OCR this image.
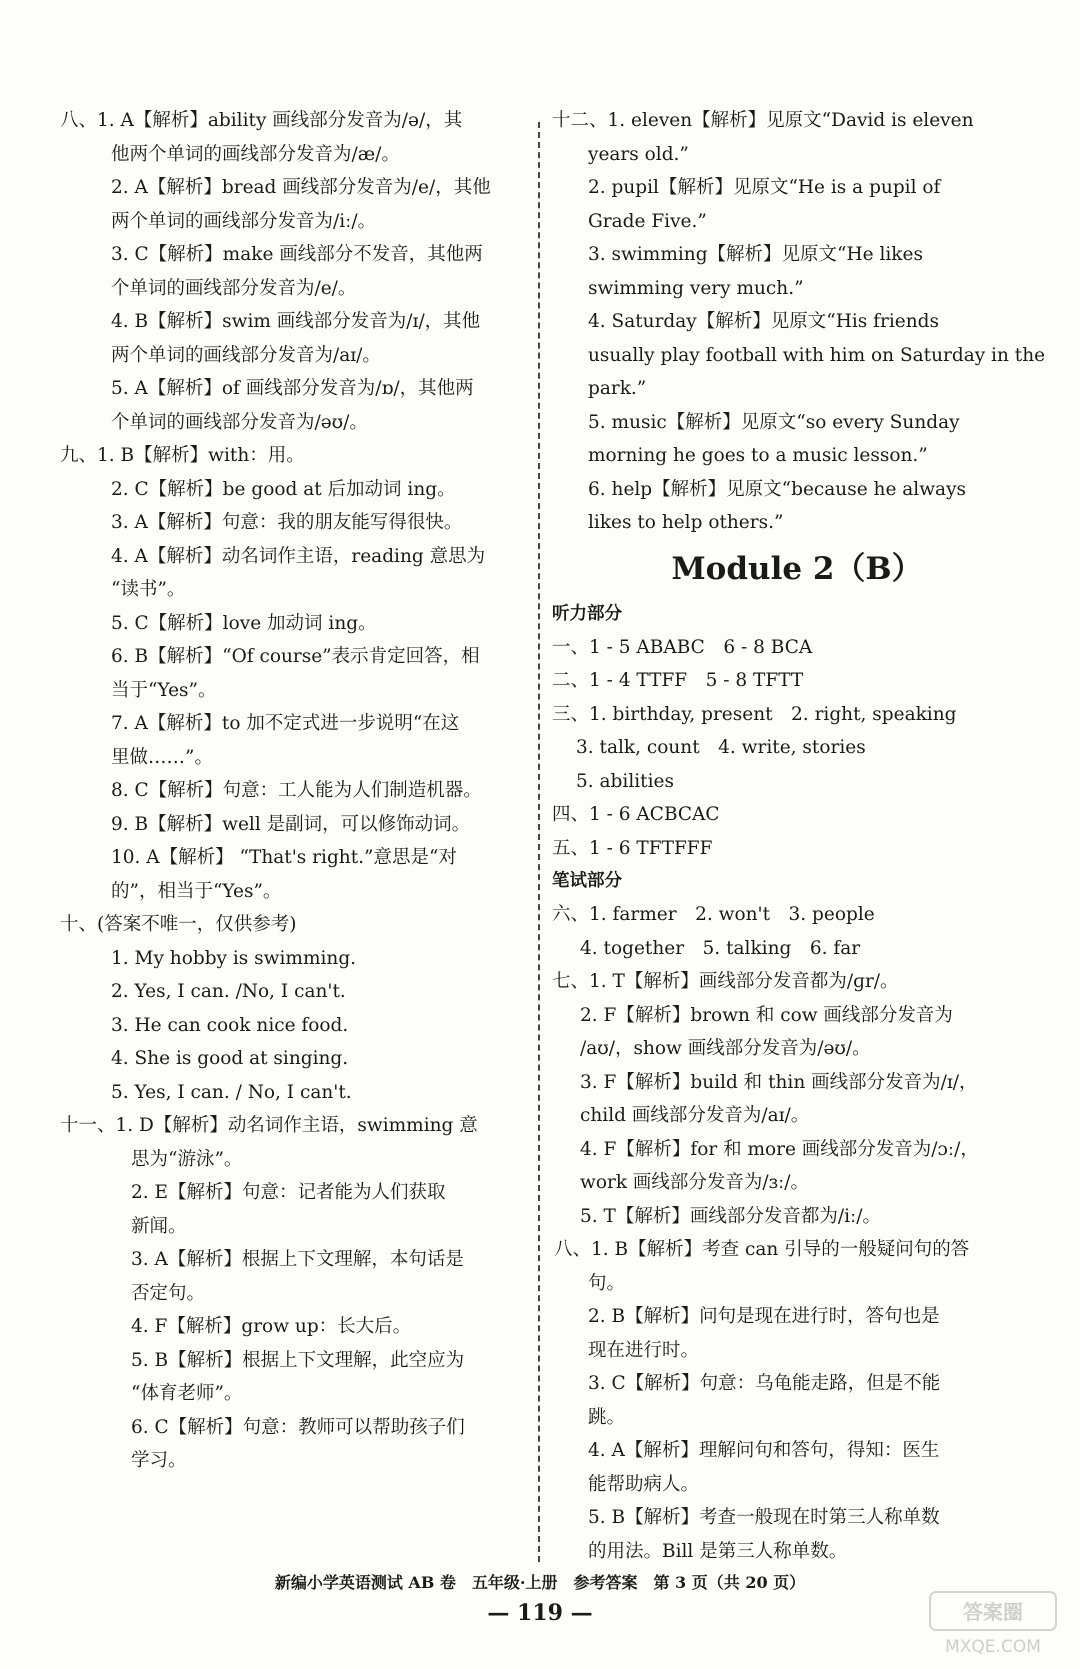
八、1. A【解析】ability 画线部分发音为/ə/，其
他两个单词的画线部分发音为/æ/。
2. A【解析】bread 画线部分发音为/e/，其他
两个单词的画线部分发音为/iː/。
3. C【解析】make 画线部分不发音，其他两
个单词的画线部分发音为/e/。
4. B【解析】swim 画线部分发音为/ɪ/，其他
两个单词的画线部分发音为/aɪ/。
5. A【解析】of 画线部分发音为/ɒ/，其他两
个单词的画线部分发音为/əʊ/。
九、1. B【解析】with：用。
2. C【解析】be good at 后加动词 ing。
3. A【解析】句意：我的朋友能写得很快。
4. A【解析】动名词作主语，reading 意思为
“读书”。
5. C【解析】love 加动词 ing。
6. B【解析】“Of course”表示肯定回答，相
当于“Yes”。
7. A【解析】to 加不定式进一步说明“在这
里做……”。
8. C【解析】句意：工人能为人们制造机器。
9. B【解析】well 是副词，可以修饰动词。
10. A【解析】 “That's right.”意思是“对
的”，相当于“Yes”。
十、(答案不唯一，仅供参考)
1. My hobby is swimming.
2. Yes, I can. /No, I can't.
3. He can cook nice food.
4. She is good at singing.
5. Yes, I can. / No, I can't.
十一、1. D【解析】动名词作主语，swimming 意
思为“游泳”。
2. E【解析】句意：记者能为人们获取
新闻。
3. A【解析】根据上下文理解，本句话是
否定句。
4. F【解析】grow up：长大后。
5. B【解析】根据上下文理解，此空应为
“体育老师”。
6. C【解析】句意：教师可以帮助孩子们
学习。
十二、1. eleven【解析】见原文“David is eleven
years old.”
2. pupil【解析】见原文“He is a pupil of
Grade Five.”
3. swimming【解析】见原文“He likes
swimming very much.”
4. Saturday【解析】见原文“His friends
usually play football with him on Saturday in the
park.”
5. music【解析】见原文“so every Sunday
morning he goes to a music lesson.”
6. help【解析】见原文“because he always
likes to help others.”
Module 2（B）
听力部分
一、1 - 5 ABABC　6 - 8 BCA
二、1 - 4 TTFF　5 - 8 TFTT
三、1. birthday, present　2. right, speaking
3. talk, count　4. write, stories
5. abilities
四、1 - 6 ACBCAC
五、1 - 6 TFTFFF
笔试部分
六、1. farmer　2. won't　3. people
4. together　5. talking　6. far
七、1. T【解析】画线部分发音都为/ɡr/。
2. F【解析】brown 和 cow 画线部分发音为
/aʊ/，show 画线部分发音为/əʊ/。
3. F【解析】build 和 thin 画线部分发音为/ɪ/，
child 画线部分发音为/aɪ/。
4. F【解析】for 和 more 画线部分发音为/ɔː/，
work 画线部分发音为/ɜː/。
5. T【解析】画线部分发音都为/iː/。
八、1. B【解析】考查 can 引导的一般疑问句的答
句。
2. B【解析】问句是现在进行时，答句也是
现在进行时。
3. C【解析】句意：乌龟能走路，但是不能
跳。
4. A【解析】理解问句和答句，得知：医生
能帮助病人。
5. B【解析】考查一般现在时第三人称单数
的用法。Bill 是第三人称单数。
新编小学英语测试 AB 卷　五年级·上册　参考答案　第 3 页（共 20 页）
— 119 —	答案圈
MXQE.COM
